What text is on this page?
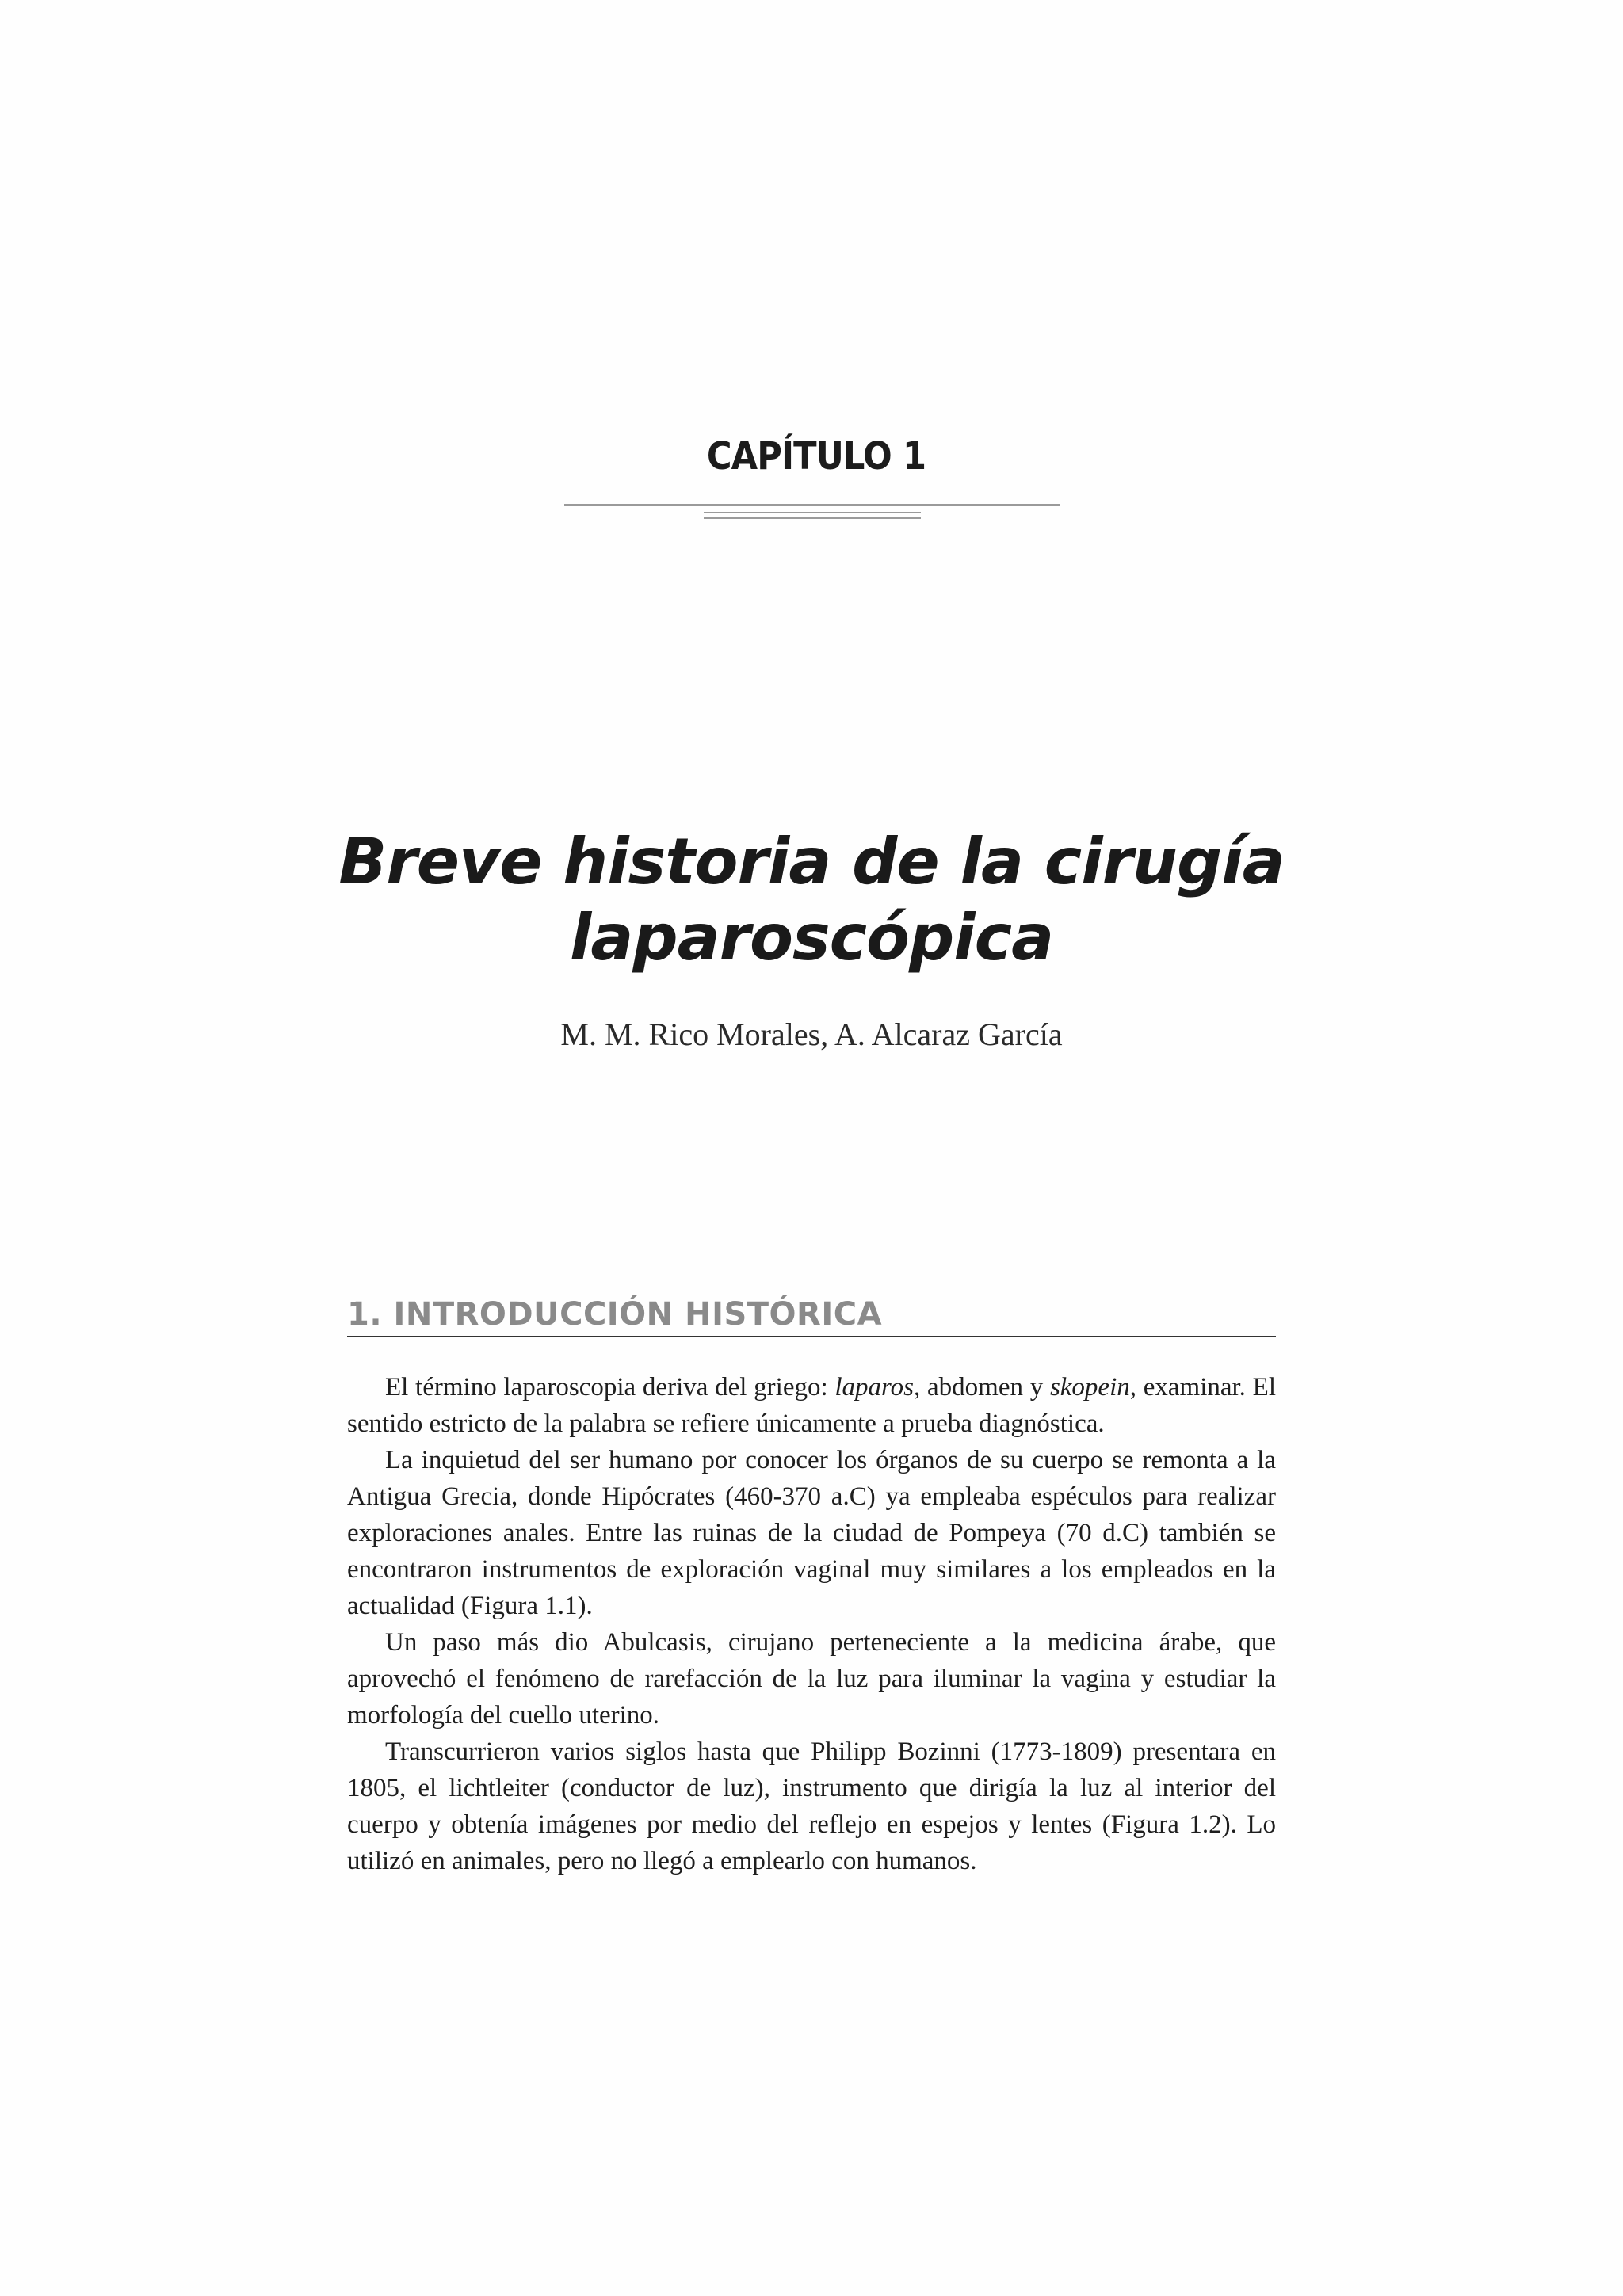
CAPÍTULO 1
Breve historia de la cirugía
laparoscópica
M. M. Rico Morales, A. Alcaraz García
1. INTRODUCCIÓN HISTÓRICA

El término laparoscopia deriva del griego: laparos, abdomen y skopein, examinar. El sentido estricto de la palabra se refiere únicamente a prueba diagnóstica.

La inquietud del ser humano por conocer los órganos de su cuerpo se remonta a la Antigua Grecia, donde Hipócrates (460-370 a.C) ya empleaba espéculos para realizar exploraciones anales. Entre las ruinas de la ciudad de Pompeya (70 d.C) también se encontraron instrumentos de exploración vaginal muy similares a los empleados en la actualidad (Figura 1.1).

Un paso más dio Abulcasis, cirujano perteneciente a la medicina árabe, que aprovechó el fenómeno de rarefacción de la luz para iluminar la vagina y estudiar la morfología del cuello uterino.

Transcurrieron varios siglos hasta que Philipp Bozinni (1773-1809) presentara en 1805, el lichtleiter (conductor de luz), instrumento que dirigía la luz al interior del cuerpo y obtenía imágenes por medio del reflejo en espejos y lentes (Figura 1.2). Lo utilizó en animales, pero no llegó a emplearlo con humanos.
